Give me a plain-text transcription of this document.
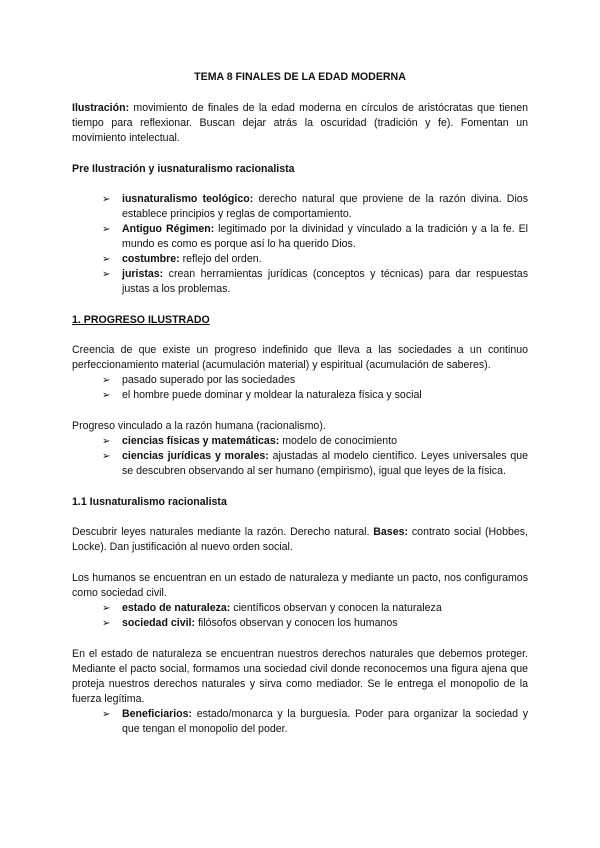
TEMA 8 FINALES DE LA EDAD MODERNA

Ilustración: movimiento de finales de la edad moderna en círculos de aristócratas que tienen tiempo para reflexionar. Buscan dejar atrás la oscuridad (tradición y fe). Fomentan un movimiento intelectual.

Pre Ilustración y iusnaturalismo racionalista
➢ iusnaturalismo teológico: derecho natural que proviene de la razón divina. Dios establece principios y reglas de comportamiento.
➢ Antiguo Régimen: legitimado por la divinidad y vinculado a la tradición y a la fe. El mundo es como es porque así lo ha querido Dios.
➢ costumbre: reflejo del orden.
➢ juristas: crean herramientas jurídicas (conceptos y técnicas) para dar respuestas justas a los problemas.
1. PROGRESO ILUSTRADO

Creencia de que existe un progreso indefinido que lleva a las sociedades a un continuo perfeccionamiento material (acumulación material) y espiritual (acumulación de saberes).

➢ pasado superado por las sociedades
➢ el hombre puede dominar y moldear la naturaleza física y social

Progreso vinculado a la razón humana (racionalismo).

➢ ciencias físicas y matemáticas: modelo de conocimiento
➢ ciencias jurídicas y morales: ajustadas al modelo científico. Leyes universales que se descubren observando al ser humano (empirismo), igual que leyes de la física.
1.1 Iusnaturalismo racionalista

Descubrir leyes naturales mediante la razón. Derecho natural. Bases: contrato social (Hobbes, Locke). Dan justificación al nuevo orden social.

Los humanos se encuentran en un estado de naturaleza y mediante un pacto, nos configuramos como sociedad civil.

➢ estado de naturaleza: científicos observan y conocen la naturaleza
➢ sociedad civil: filósofos observan y conocen los humanos

En el estado de naturaleza se encuentran nuestros derechos naturales que debemos proteger. Mediante el pacto social, formamos una sociedad civil donde reconocemos una figura ajena que proteja nuestros derechos naturales y sirva como mediador. Se le entrega el monopolio de la fuerza legítima.

➢ Beneficiarios: estado/monarca y la burguesía. Poder para organizar la sociedad y que tengan el monopolio del poder.
